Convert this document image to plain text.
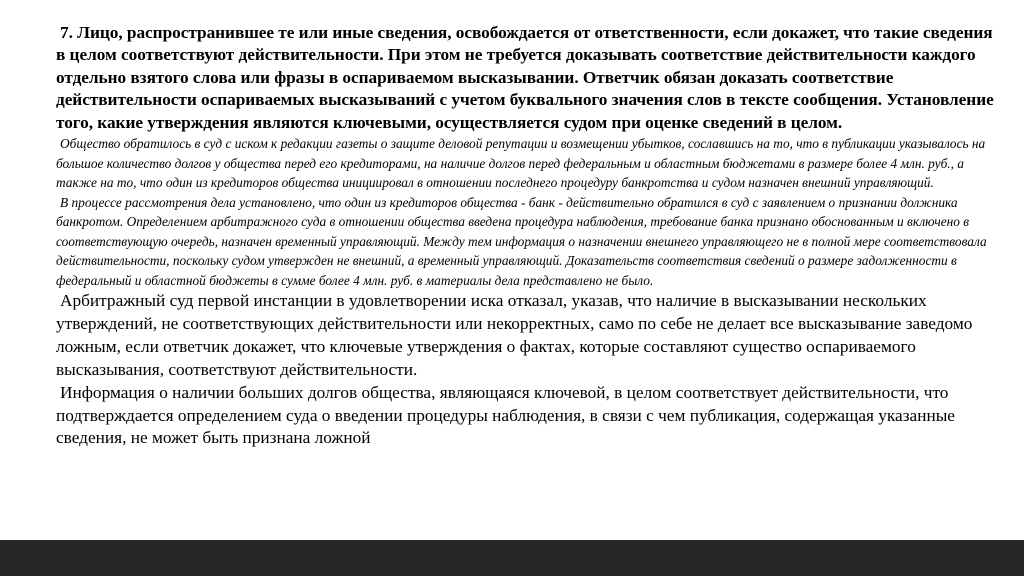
7. Лицо, распространившее те или иные сведения, освобождается от ответственности, если докажет, что такие сведения в целом соответствуют действительности. При этом не требуется доказывать соответствие действительности каждого отдельно взятого слова или фразы в оспариваемом высказывании. Ответчик обязан доказать соответствие действительности оспариваемых высказываний с учетом буквального значения слов в тексте сообщения. Установление того, какие утверждения являются ключевыми, осуществляется судом при оценке сведений в целом.

Общество обратилось в суд с иском к редакции газеты о защите деловой репутации и возмещении убытков, сославшись на то, что в публикации указывалось на большое количество долгов у общества перед его кредиторами, на наличие долгов перед федеральным и областным бюджетами в размере более 4 млн. руб., а также на то, что один из кредиторов общества инициировал в отношении последнего процедуру банкротства и судом назначен внешний управляющий.

В процессе рассмотрения дела установлено, что один из кредиторов общества - банк - действительно обратился в суд с заявлением о признании должника банкротом. Определением арбитражного суда в отношении общества введена процедура наблюдения, требование банка признано обоснованным и включено в соответствующую очередь, назначен временный управляющий. Между тем информация о назначении внешнего управляющего не в полной мере соответствовала действительности, поскольку судом утвержден не внешний, а временный управляющий. Доказательств соответствия сведений о размере задолженности в федеральный и областной бюджеты в сумме более 4 млн. руб. в материалы дела представлено не было.

Арбитражный суд первой инстанции в удовлетворении иска отказал, указав, что наличие в высказывании нескольких утверждений, не соответствующих действительности или некорректных, само по себе не делает все высказывание заведомо ложным, если ответчик докажет, что ключевые утверждения о фактах, которые составляют существо оспариваемого высказывания, соответствуют действительности.

Информация о наличии больших долгов общества, являющаяся ключевой, в целом соответствует действительности, что подтверждается определением суда о введении процедуры наблюдения, в связи с чем публикация, содержащая указанные сведения, не может быть признана ложной
